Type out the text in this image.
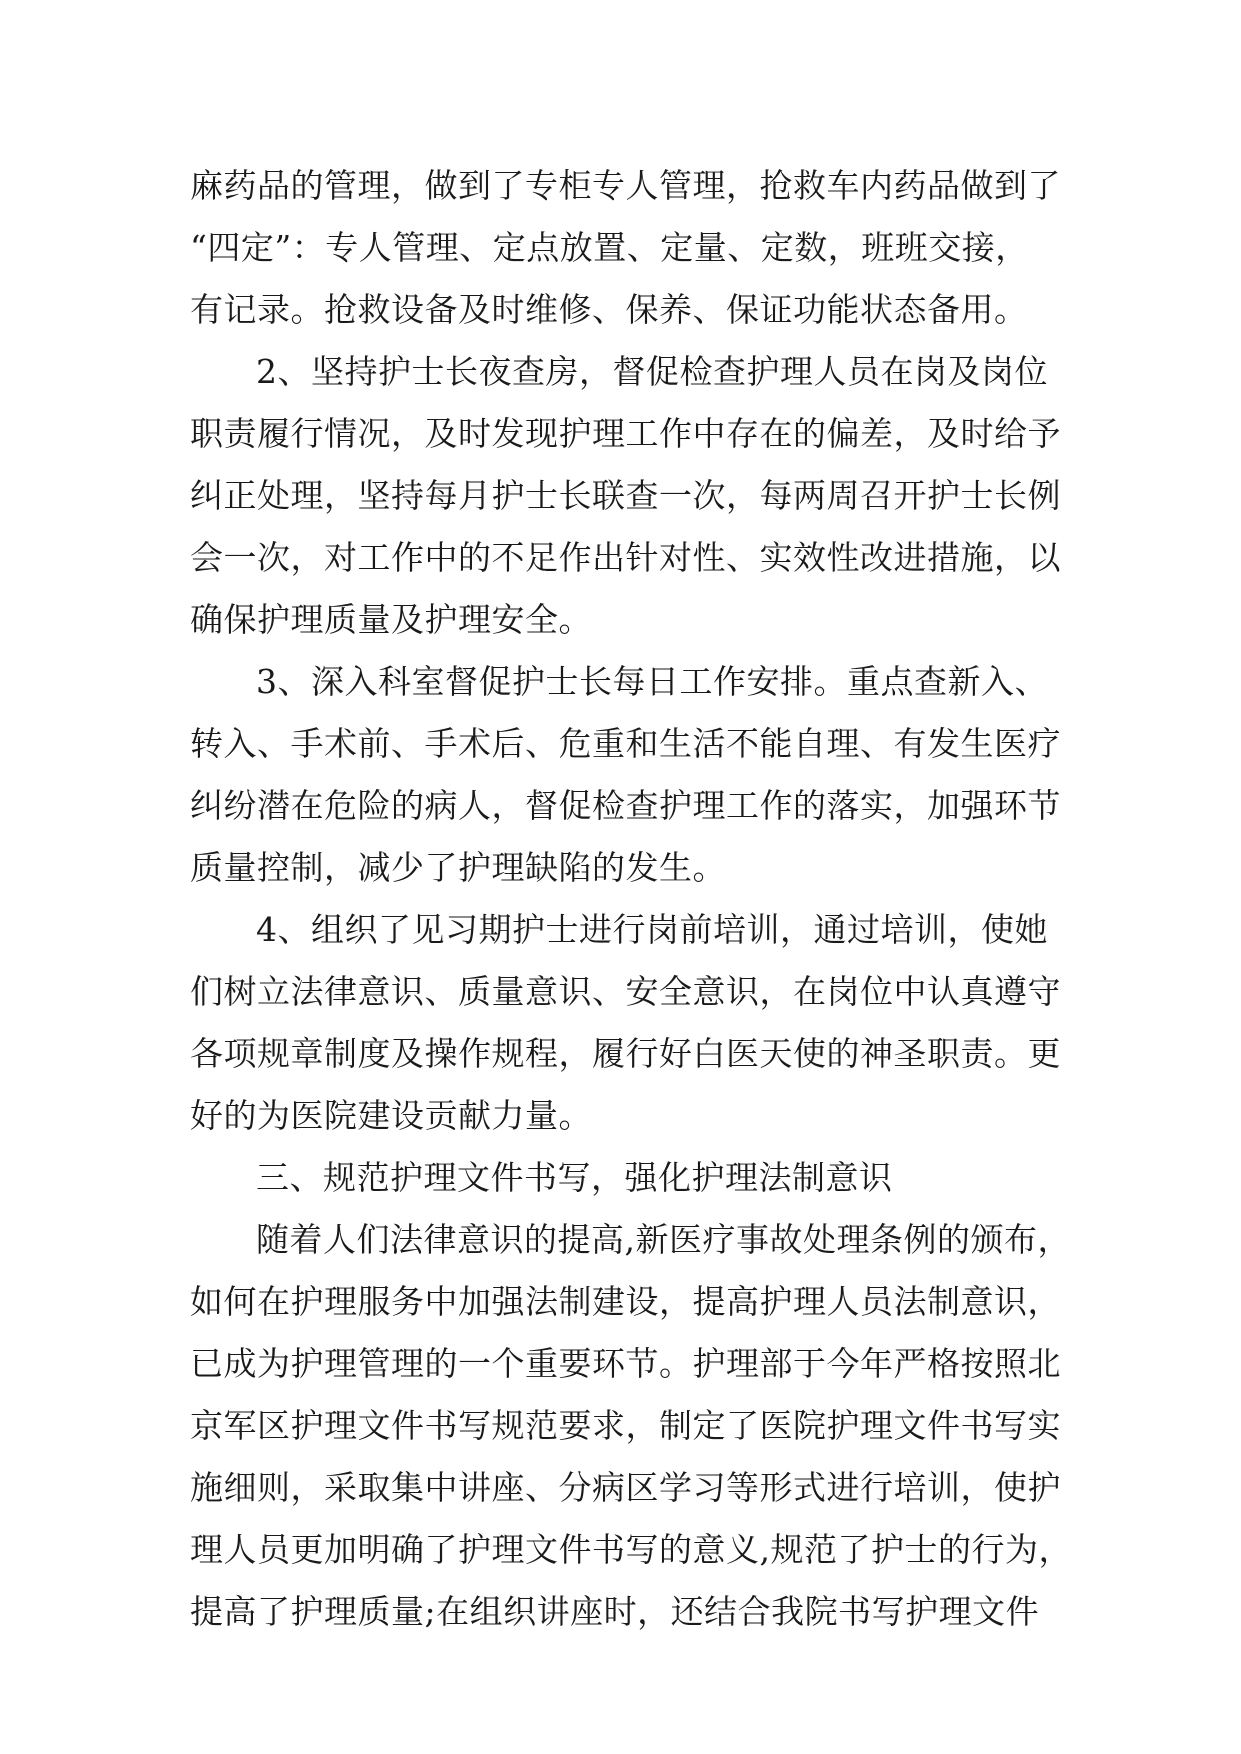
麻药品的管理，做到了专柜专人管理，抢救车内药品做到了
“四定”：专人管理、定点放置、定量、定数，班班交接，
有记录。抢救设备及时维修、保养、保证功能状态备用。
2、坚持护士长夜查房，督促检查护理人员在岗及岗位
职责履行情况，及时发现护理工作中存在的偏差，及时给予
纠正处理，坚持每月护士长联查一次，每两周召开护士长例
会一次，对工作中的不足作出针对性、实效性改进措施，以
确保护理质量及护理安全。
3、深入科室督促护士长每日工作安排。重点查新入、
转入、手术前、手术后、危重和生活不能自理、有发生医疗
纠纷潜在危险的病人，督促检查护理工作的落实，加强环节
质量控制，减少了护理缺陷的发生。
4、组织了见习期护士进行岗前培训，通过培训，使她
们树立法律意识、质量意识、安全意识，在岗位中认真遵守
各项规章制度及操作规程，履行好白医天使的神圣职责。更
好的为医院建设贡献力量。
三、规范护理文件书写，强化护理法制意识
随着人们法律意识的提高,新医疗事故处理条例的颁布，
如何在护理服务中加强法制建设，提高护理人员法制意识，
已成为护理管理的一个重要环节。护理部于今年严格按照北
京军区护理文件书写规范要求，制定了医院护理文件书写实
施细则，采取集中讲座、分病区学习等形式进行培训，使护
理人员更加明确了护理文件书写的意义,规范了护士的行为，
提高了护理质量;在组织讲座时，还结合我院书写护理文件
